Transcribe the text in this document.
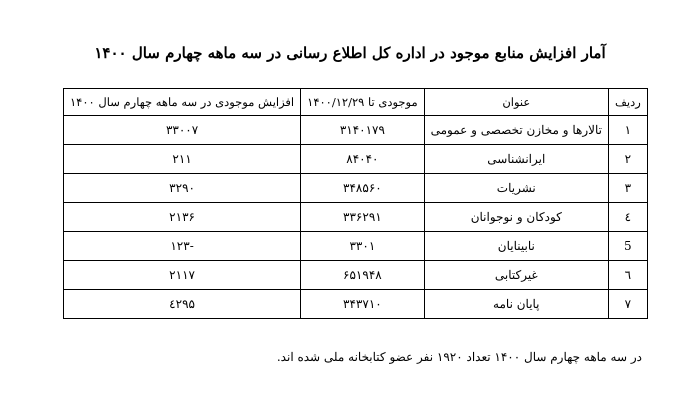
آمار افزایش منابع موجود در اداره کل اطلاع رسانی در سه ماهه چهارم سال ۱۴۰۰
ردیف	عنوان	موجودی تا ۱۴۰۰/۱۲/۲۹	افزایش موجودی در سه ماهه چهارم سال ۱۴۰۰
۱	تالارها و مخازن تخصصی و عمومی	۳۱۴۰۱۷۹	۳۳۰۰۷
۲	ایرانشناسی	۸۴۰۴۰	۲۱۱
۳	نشریات	۳۴۸۵۶۰	۳۲۹۰
٤	کودکان و نوجوانان	۳۳۶۲۹۱	۲۱۳۶
5	نابینایان	۳۳۰۱	-۱۲۳
٦	غیرکتابی	۶۵۱۹۴۸	۲۱۱۷
۷	پایان نامه	۳۴۳۷۱۰	٤۲۹۵
در سه ماهه چهارم سال ۱۴۰۰ تعداد ۱۹۲۰ نفر عضو کتابخانه ملی شده اند.
